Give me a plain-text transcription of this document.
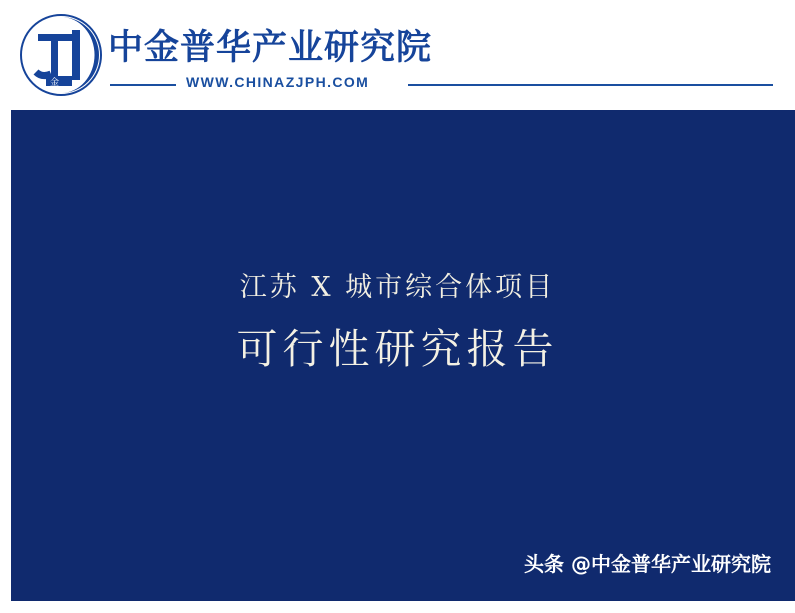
金
中金普华产业研究院
WWW.CHINAZJPH.COM
江苏 X 城市综合体项目
可行性研究报告
头条 @中金普华产业研究院
